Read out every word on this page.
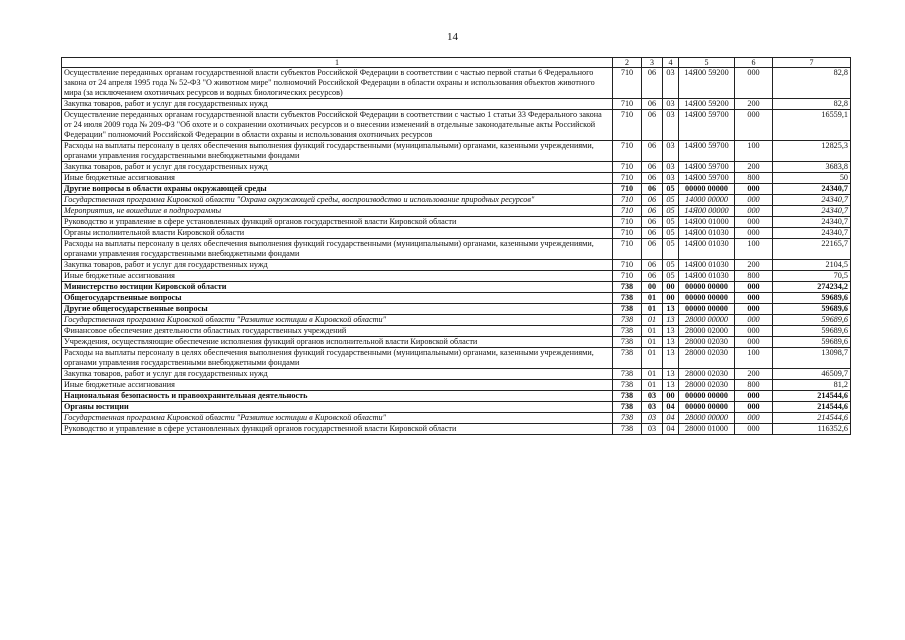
14
1	2	3	4	5	6	7
Осуществление переданных органам государственной власти субъектов Российской Федерации в соответствии с частью первой статьи 6 Федерального закона от 24 апреля 1995 года № 52-ФЗ "О животном мире" полномочий Российской Федерации в области охраны и использования объектов животного мира (за исключением охотничьих ресурсов и водных биологических ресурсов)	710	06	03	14Я00 59200	000	82,8
Закупка товаров, работ и услуг для государственных нужд	710	06	03	14Я00 59200	200	82,8
Осуществление переданных органам государственной власти субъектов Российской Федерации в соответствии с частью 1 статьи 33 Федерального закона от 24 июля 2009 года № 209-ФЗ "Об охоте и о сохранении охотничьих ресурсов и о внесении изменений в отдельные законодательные акты Российской Федерации" полномочий Российской Федерации в области охраны и использования охотничьих ресурсов	710	06	03	14Я00 59700	000	16559,1
Расходы на выплаты персоналу в целях обеспечения выполнения функций государственными (муниципальными) органами, казенными учреждениями, органами управления государственными внебюджетными фондами	710	06	03	14Я00 59700	100	12825,3
Закупка товаров, работ и услуг для государственных нужд	710	06	03	14Я00 59700	200	3683,8
Иные бюджетные ассигнования	710	06	03	14Я00 59700	800	50
Другие вопросы в области охраны окружающей среды	710	06	05	00000 00000	000	24340,7
Государственная программа Кировской области "Охрана окружающей среды, воспроизводство и использование природных ресурсов"	710	06	05	14000 00000	000	24340,7
Мероприятия, не вошедшие в подпрограммы	710	06	05	14Я00 00000	000	24340,7
Руководство и управление в сфере установленных функций органов государственной власти Кировской области	710	06	05	14Я00 01000	000	24340,7
Органы исполнительной власти Кировской области	710	06	05	14Я00 01030	000	24340,7
Расходы на выплаты персоналу в целях обеспечения выполнения функций государственными (муниципальными) органами, казенными учреждениями, органами управления государственными внебюджетными фондами	710	06	05	14Я00 01030	100	22165,7
Закупка товаров, работ и услуг для государственных нужд	710	06	05	14Я00 01030	200	2104,5
Иные бюджетные ассигнования	710	06	05	14Я00 01030	800	70,5
Министерство юстиции Кировской области	738	00	00	00000 00000	000	274234,2
Общегосударственные вопросы	738	01	00	00000 00000	000	59689,6
Другие общегосударственные вопросы	738	01	13	00000 00000	000	59689,6
Государственная программа Кировской области "Развитие юстиции в Кировской области"	738	01	13	28000 00000	000	59689,6
Финансовое обеспечение деятельности областных государственных учреждений	738	01	13	28000 02000	000	59689,6
Учреждения, осуществляющие обеспечение исполнения функций органов исполнительной власти Кировской области	738	01	13	28000 02030	000	59689,6
Расходы на выплаты персоналу в целях обеспечения выполнения функций государственными (муниципальными) органами, казенными учреждениями, органами управления государственными внебюджетными фондами	738	01	13	28000 02030	100	13098,7
Закупка товаров, работ и услуг для государственных нужд	738	01	13	28000 02030	200	46509,7
Иные бюджетные ассигнования	738	01	13	28000 02030	800	81,2
Национальная безопасность и правоохранительная деятельность	738	03	00	00000 00000	000	214544,6
Органы юстиции	738	03	04	00000 00000	000	214544,6
Государственная программа Кировской области "Развитие юстиции в Кировской области"	738	03	04	28000 00000	000	214544,6
Руководство и управление в сфере установленных функций органов государственной власти Кировской области	738	03	04	28000 01000	000	116352,6
